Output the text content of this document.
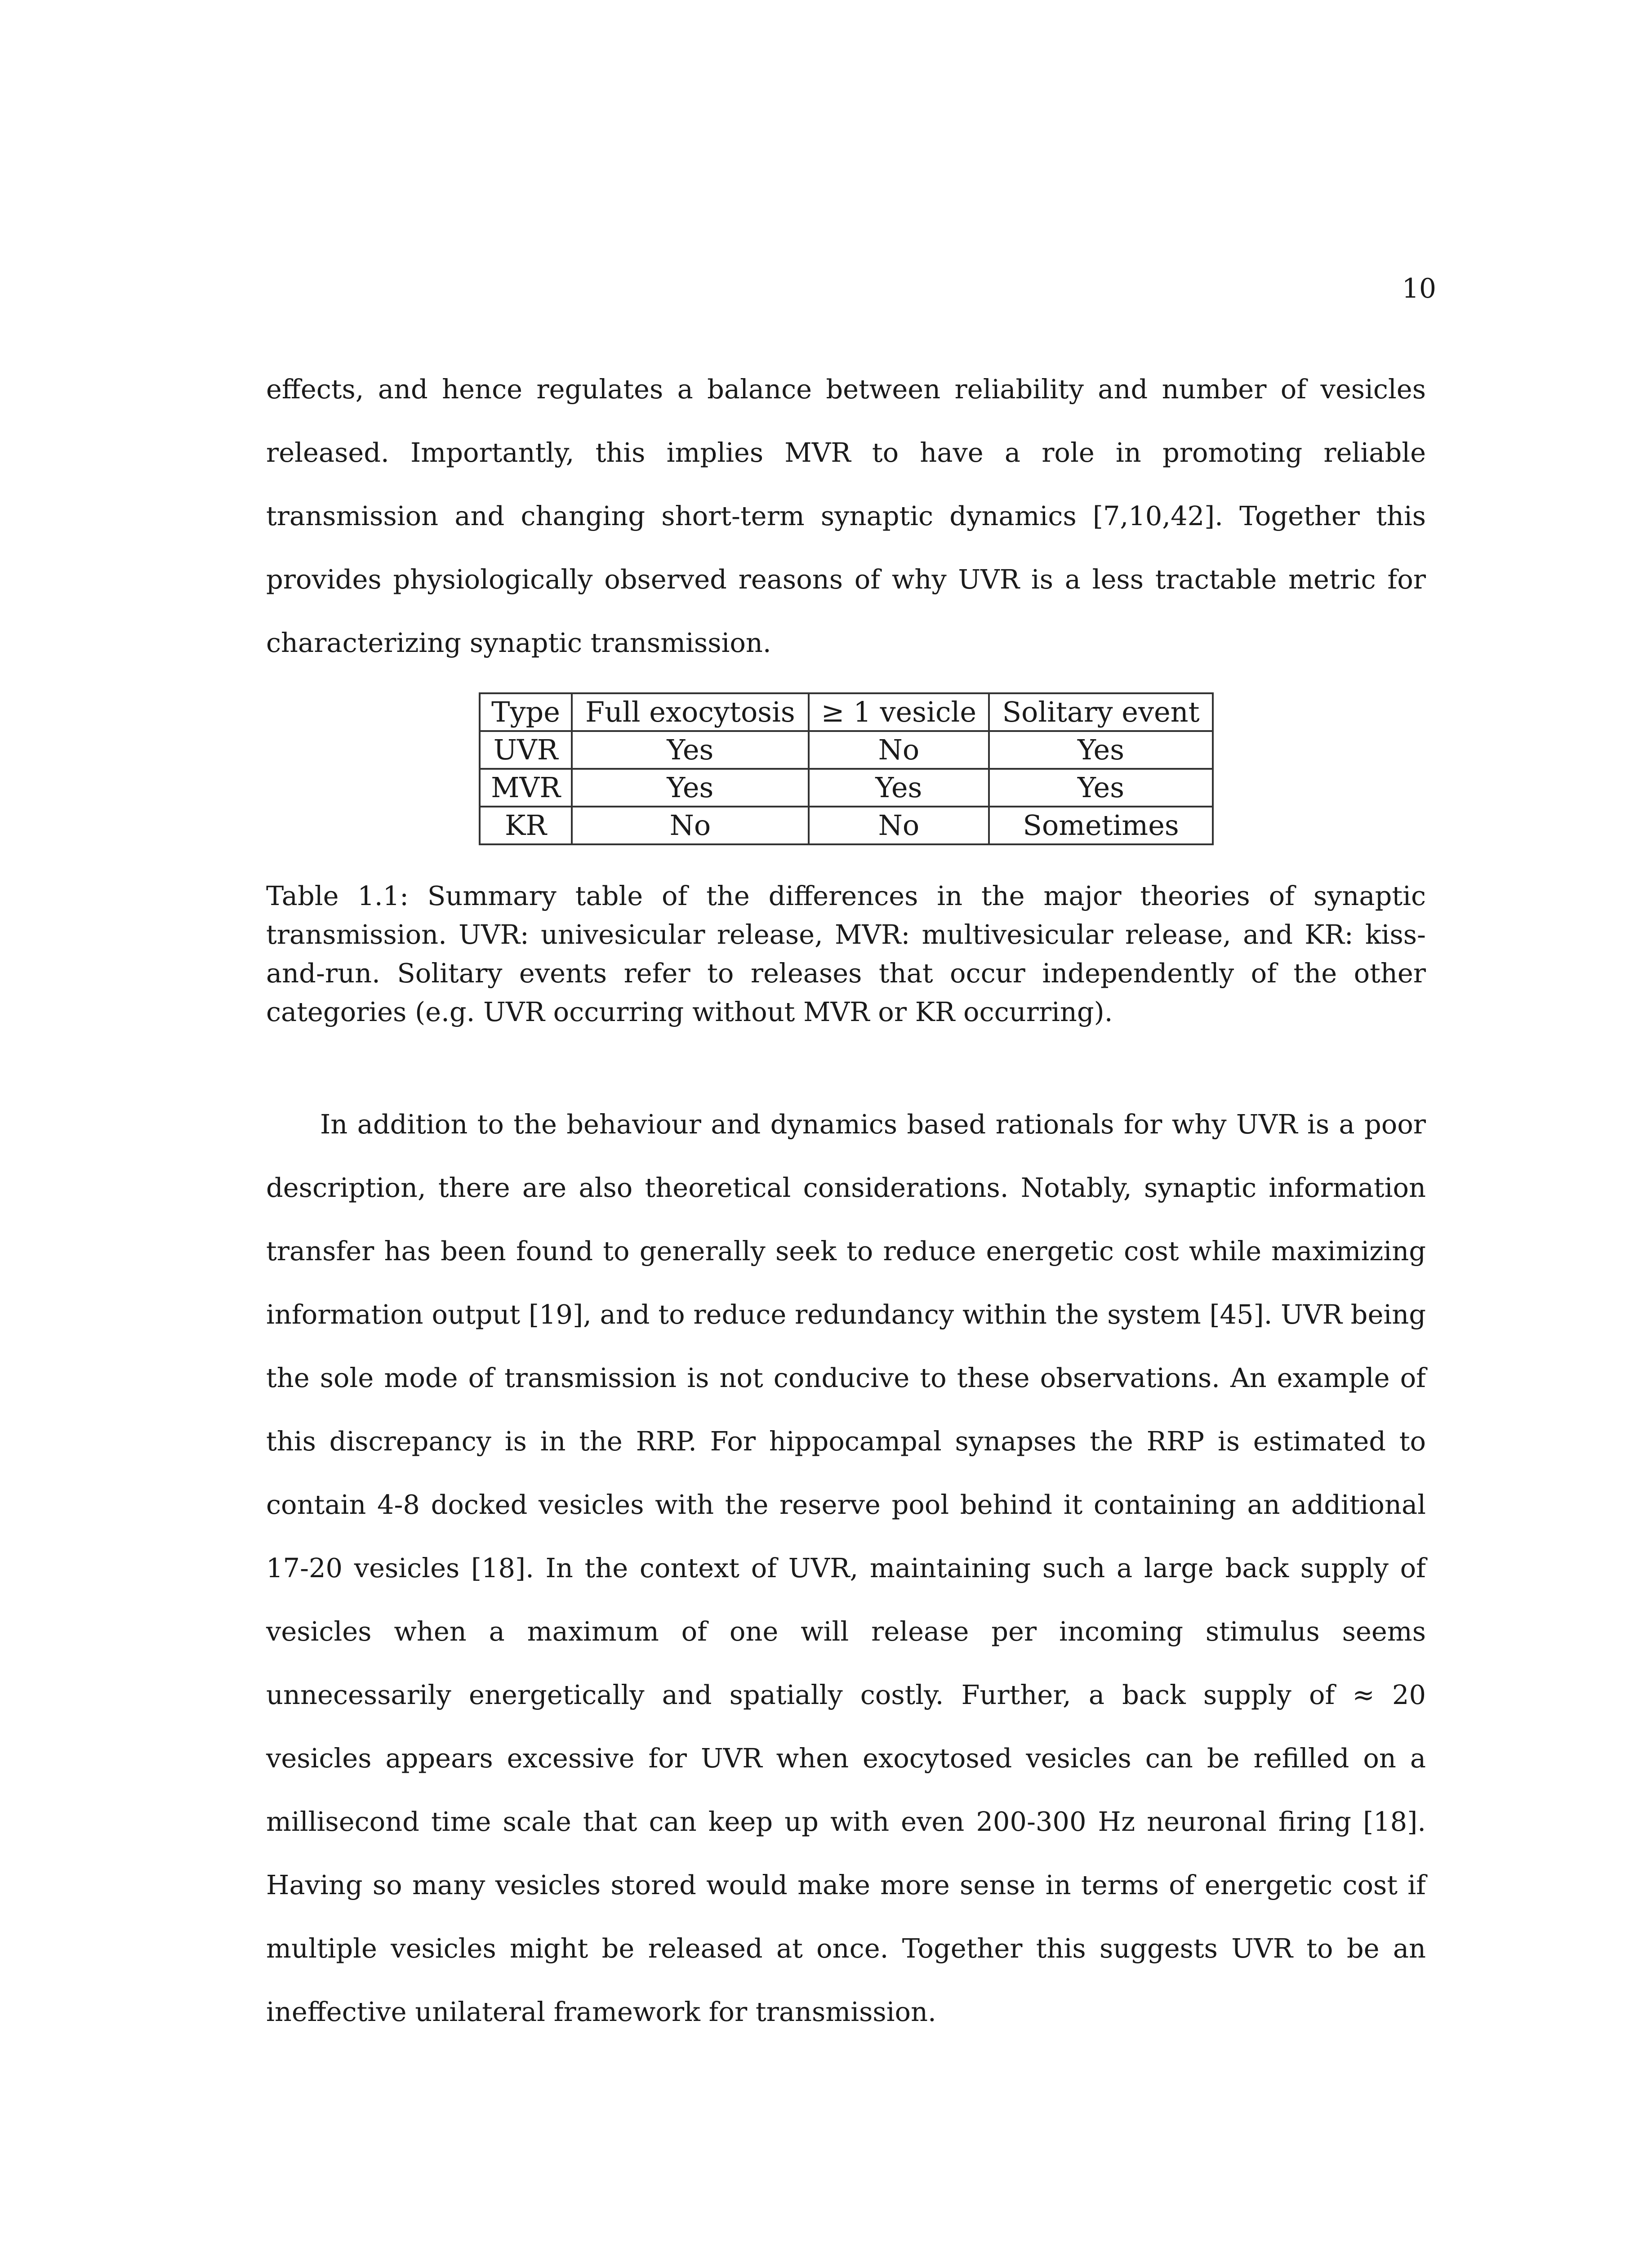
10

effects, and hence regulates a balance between reliability and number of vesicles released. Importantly, this implies MVR to have a role in promoting reliable transmission and changing short-term synaptic dynamics [7,10,42]. Together this provides physiologically observed reasons of why UVR is a less tractable metric for characterizing synaptic transmission.

Type	Full exocytosis	≥ 1 vesicle	Solitary event
UVR	Yes	No	Yes
MVR	Yes	Yes	Yes
KR	No	No	Sometimes

Table 1.1: Summary table of the differences in the major theories of synaptic transmission. UVR: univesicular release, MVR: multivesicular release, and KR: kiss-and-run. Solitary events refer to releases that occur independently of the other categories (e.g. UVR occurring without MVR or KR occurring).

In addition to the behaviour and dynamics based rationals for why UVR is a poor description, there are also theoretical considerations. Notably, synaptic information transfer has been found to generally seek to reduce energetic cost while maximizing information output [19], and to reduce redundancy within the system [45]. UVR being the sole mode of transmission is not conducive to these observations. An example of this discrepancy is in the RRP. For hippocampal synapses the RRP is estimated to contain 4-8 docked vesicles with the reserve pool behind it containing an additional 17-20 vesicles [18]. In the context of UVR, maintaining such a large back supply of vesicles when a maximum of one will release per incoming stimulus seems unnecessarily energetically and spatially costly. Further, a back supply of ≈ 20 vesicles appears excessive for UVR when exocytosed vesicles can be refilled on a millisecond time scale that can keep up with even 200-300 Hz neuronal firing [18]. Having so many vesicles stored would make more sense in terms of energetic cost if multiple vesicles might be released at once. Together this suggests UVR to be an ineffective unilateral framework for transmission.
